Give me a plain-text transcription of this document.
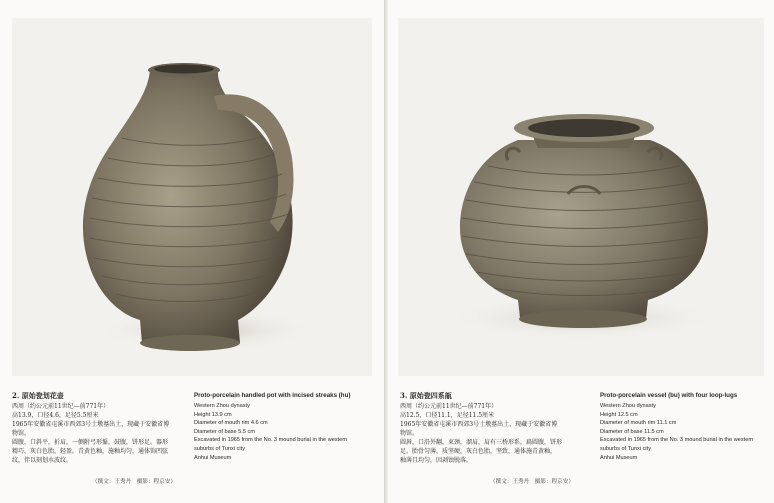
2. 原始瓷划花壶
西周（约公元前11世纪—前771年）
高13.9，口径4.6，足径5.5厘米
1965年安徽省屯溪市西郊3号土墩墓出土，现藏于安徽省博
物馆。
圆腹，口斜平，折肩，一侧附弓形鋬，鼓腹，饼形足。器形
精巧，灰白色胎，轻盈。青黄色釉，施釉均匀，通体饰凹弦
纹，伴以刻划水波纹。
（撰文：王秀丹　摄影：程京安）
Proto-porcelain handled pot with incised streaks (hu)
Western Zhou dynasty
Height 13.9 cm
Diameter of mouth rim 4.6 cm
Diameter of base 5.5 cm
Excavated in 1965 from the No. 3 mound burial in the western
suburbs of Tunxi city
Anhui Museum
3. 原始瓷四系瓿
西周（约公元前11世纪—前771年）
高12.5，口径11.1，足径11.5厘米
1965年安徽省屯溪市西郊3号土墩墓出土，现藏于安徽省博
物馆。
圆唇，口沿外翻，束颈，溜肩，肩有三桥形系，扁圆腹，饼形
足。胎骨匀薄，质坚硬，灰白色胎，坚致，通体施青黄釉，
釉薄且均匀，因剥蚀脱落。
（撰文：王秀丹　摄影：程京安）
Proto-porcelain vessel (bu) with four loop-lugs
Western Zhou dynasty
Height 12.5 cm
Diameter of mouth rim 11.1 cm
Diameter of base 11.5 cm
Excavated in 1965 from the No. 3 mound burial in the western
suburbs of Tunxi city
Anhui Museum
